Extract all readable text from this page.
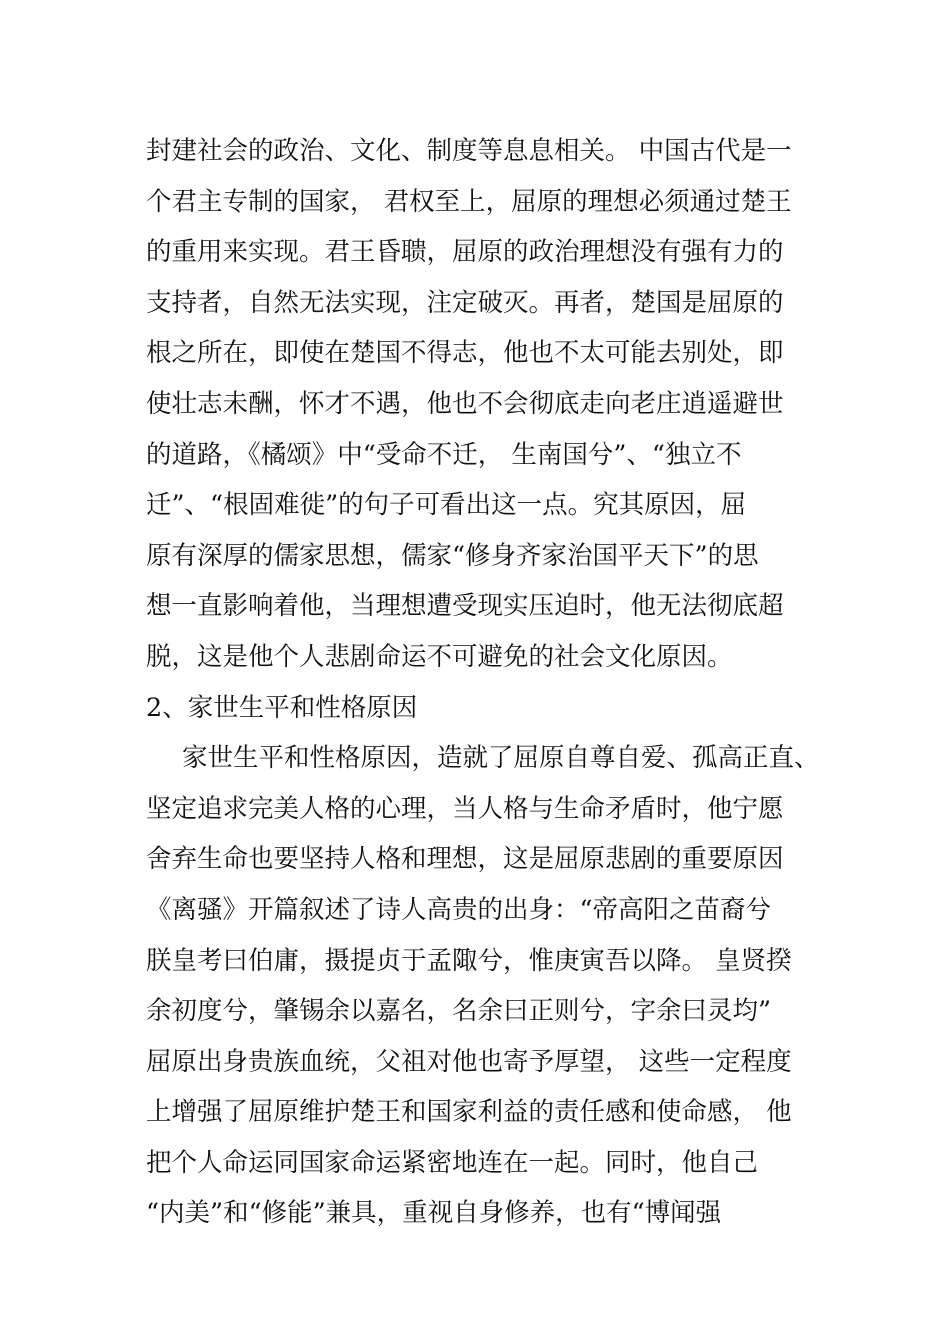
封建社会的政治、文化、制度等息息相关。 中国古代是一
个君主专制的国家， 君权至上，屈原的理想必须通过楚王
的重用来实现。君王昏聩，屈原的政治理想没有强有力的
支持者，自然无法实现，注定破灭。再者，楚国是屈原的
根之所在，即使在楚国不得志，他也不太可能去别处，即
使壮志未酬，怀才不遇，他也不会彻底走向老庄逍遥避世
的道路，《橘颂》中“受命不迁， 生南国兮”、“独立不
迁”、“根固难徙”的句子可看出这一点。究其原因，屈
原有深厚的儒家思想，儒家“修身齐家治国平天下”的思
想一直影响着他，当理想遭受现实压迫时，他无法彻底超
脱，这是他个人悲剧命运不可避免的社会文化原因。
2、家世生平和性格原因
家世生平和性格原因，造就了屈原自尊自爱、孤高正直、
坚定追求完美人格的心理，当人格与生命矛盾时，他宁愿
舍弃生命也要坚持人格和理想，这是屈原悲剧的重要原因
《离骚》开篇叙述了诗人高贵的出身：“帝高阳之苗裔兮
朕皇考曰伯庸，摄提贞于孟陬兮，惟庚寅吾以降。 皇贤揆
余初度兮，肇锡余以嘉名，名余曰正则兮，字余曰灵均”
屈原出身贵族血统，父祖对他也寄予厚望， 这些一定程度
上增强了屈原维护楚王和国家利益的责任感和使命感， 他
把个人命运同国家命运紧密地连在一起。同时，他自己
“内美”和“修能”兼具，重视自身修养，也有“博闻强
